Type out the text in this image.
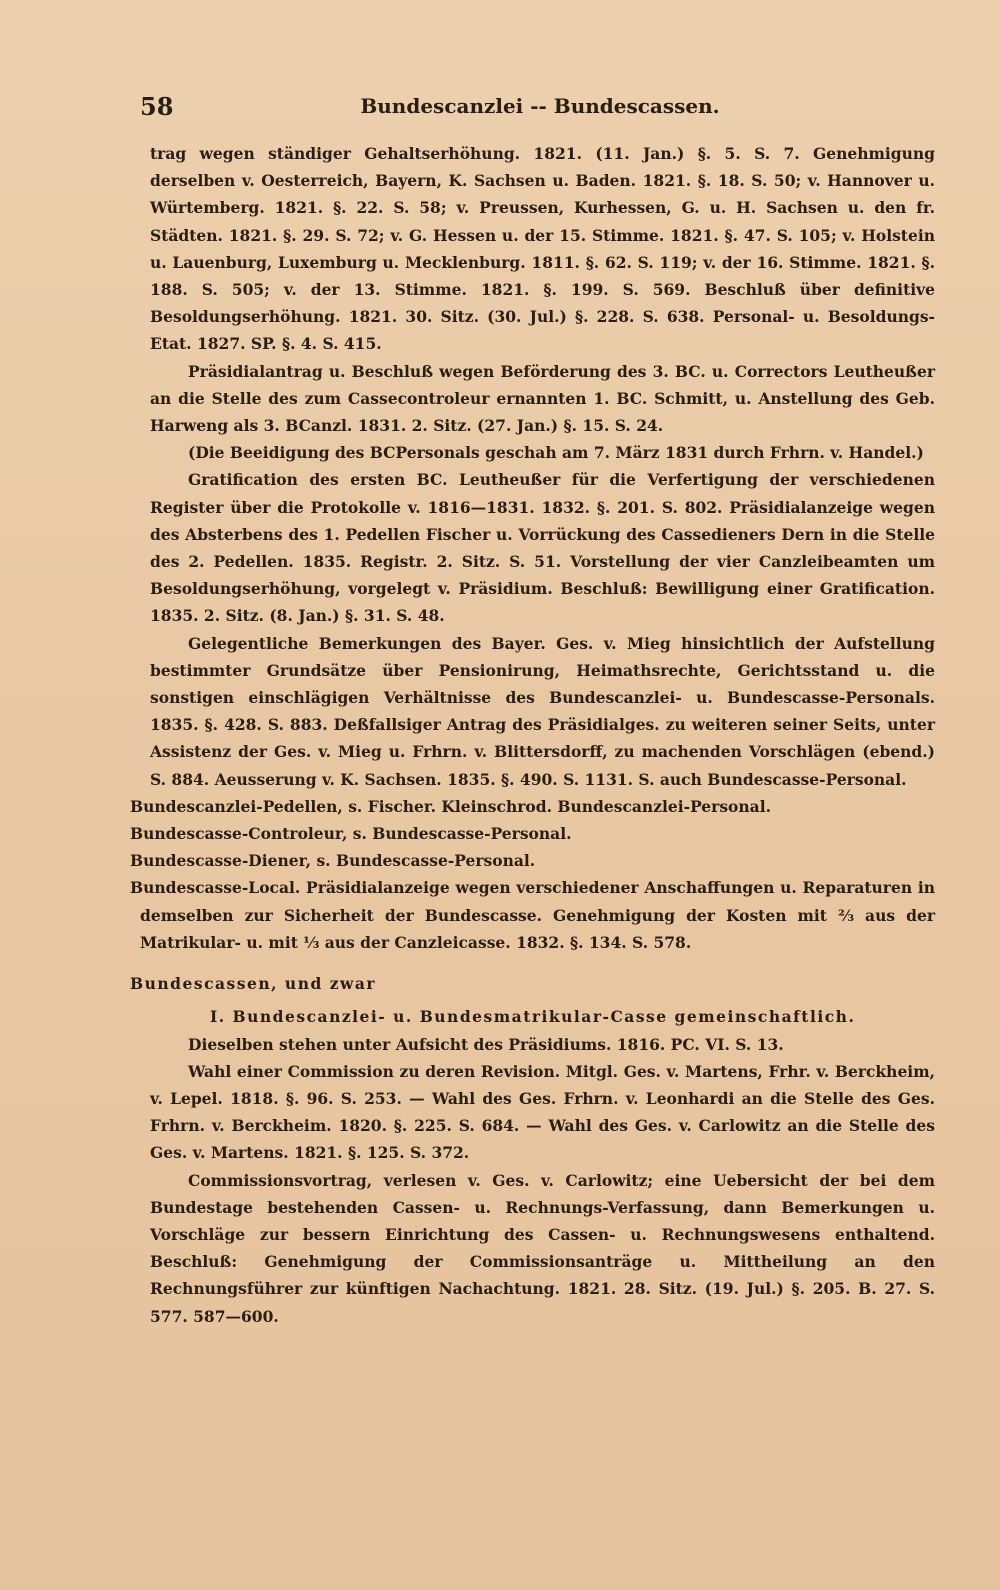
58	Bundescanzlei -- Bundescassen.

trag wegen ständiger Gehaltserhöhung. 1821. (11. Jan.) §. 5. S. 7. Genehmigung derselben v. Oesterreich, Bayern, K. Sachsen u. Baden. 1821. §. 18. S. 50; v. Hannover u. Würtemberg. 1821. §. 22. S. 58; v. Preussen, Kurhessen, G. u. H. Sachsen u. den fr. Städten. 1821. §. 29. S. 72; v. G. Hessen u. der 15. Stimme. 1821. §. 47. S. 105; v. Holstein u. Lauenburg, Luxemburg u. Mecklenburg. 1811. §. 62. S. 119; v. der 16. Stimme. 1821. §. 188. S. 505; v. der 13. Stimme. 1821. §. 199. S. 569. Beschluß über definitive Besoldungserhöhung. 1821. 30. Sitz. (30. Jul.) §. 228. S. 638. Personal- u. Besoldungs-Etat. 1827. SP. §. 4. S. 415.

Präsidialantrag u. Beschluß wegen Beförderung des 3. BC. u. Correctors Leutheußer an die Stelle des zum Cassecontroleur ernannten 1. BC. Schmitt, u. Anstellung des Geb. Harweng als 3. BCanzl. 1831. 2. Sitz. (27. Jan.) §. 15. S. 24.

(Die Beeidigung des BCPersonals geschah am 7. März 1831 durch Frhrn. v. Handel.)

Gratification des ersten BC. Leutheußer für die Verfertigung der verschiedenen Register über die Protokolle v. 1816—1831. 1832. §. 201. S. 802. Präsidialanzeige wegen des Absterbens des 1. Pedellen Fischer u. Vorrückung des Cassedieners Dern in die Stelle des 2. Pedellen. 1835. Registr. 2. Sitz. S. 51. Vorstellung der vier Canzleibeamten um Besoldungserhöhung, vorgelegt v. Präsidium. Beschluß: Bewilligung einer Gratification. 1835. 2. Sitz. (8. Jan.) §. 31. S. 48.

Gelegentliche Bemerkungen des Bayer. Ges. v. Mieg hinsichtlich der Aufstellung bestimmter Grundsätze über Pensionirung, Heimathsrechte, Gerichtsstand u. die sonstigen einschlägigen Verhältnisse des Bundescanzlei- u. Bundescasse-Personals. 1835. §. 428. S. 883. Deßfallsiger Antrag des Präsidialges. zu weiteren seiner Seits, unter Assistenz der Ges. v. Mieg u. Frhrn. v. Blittersdorff, zu machenden Vorschlägen (ebend.) S. 884. Aeusserung v. K. Sachsen. 1835. §. 490. S. 1131. S. auch Bundescasse-Personal.

Bundescanzlei-Pedellen, s. Fischer. Kleinschrod. Bundescanzlei-Personal.

Bundescasse-Controleur, s. Bundescasse-Personal.

Bundescasse-Diener, s. Bundescasse-Personal.

Bundescasse-Local. Präsidialanzeige wegen verschiedener Anschaffungen u. Reparaturen in demselben zur Sicherheit der Bundescasse. Genehmigung der Kosten mit ⅔ aus der Matrikular- u. mit ⅓ aus der Canzleicasse. 1832. §. 134. S. 578.

Bundescassen, und zwar

I. Bundescanzlei- u. Bundesmatrikular-Casse gemeinschaftlich.

Dieselben stehen unter Aufsicht des Präsidiums. 1816. PC. VI. S. 13.

Wahl einer Commission zu deren Revision. Mitgl. Ges. v. Martens, Frhr. v. Berckheim, v. Lepel. 1818. §. 96. S. 253. — Wahl des Ges. Frhrn. v. Leonhardi an die Stelle des Ges. Frhrn. v. Berckheim. 1820. §. 225. S. 684. — Wahl des Ges. v. Carlowitz an die Stelle des Ges. v. Martens. 1821. §. 125. S. 372.

Commissionsvortrag, verlesen v. Ges. v. Carlowitz; eine Uebersicht der bei dem Bundestage bestehenden Cassen- u. Rechnungs-Verfassung, dann Bemerkungen u. Vorschläge zur bessern Einrichtung des Cassen- u. Rechnungswesens enthaltend. Beschluß: Genehmigung der Commissionsanträge u. Mittheilung an den Rechnungsführer zur künftigen Nachachtung. 1821. 28. Sitz. (19. Jul.) §. 205. B. 27. S. 577. 587—600.
